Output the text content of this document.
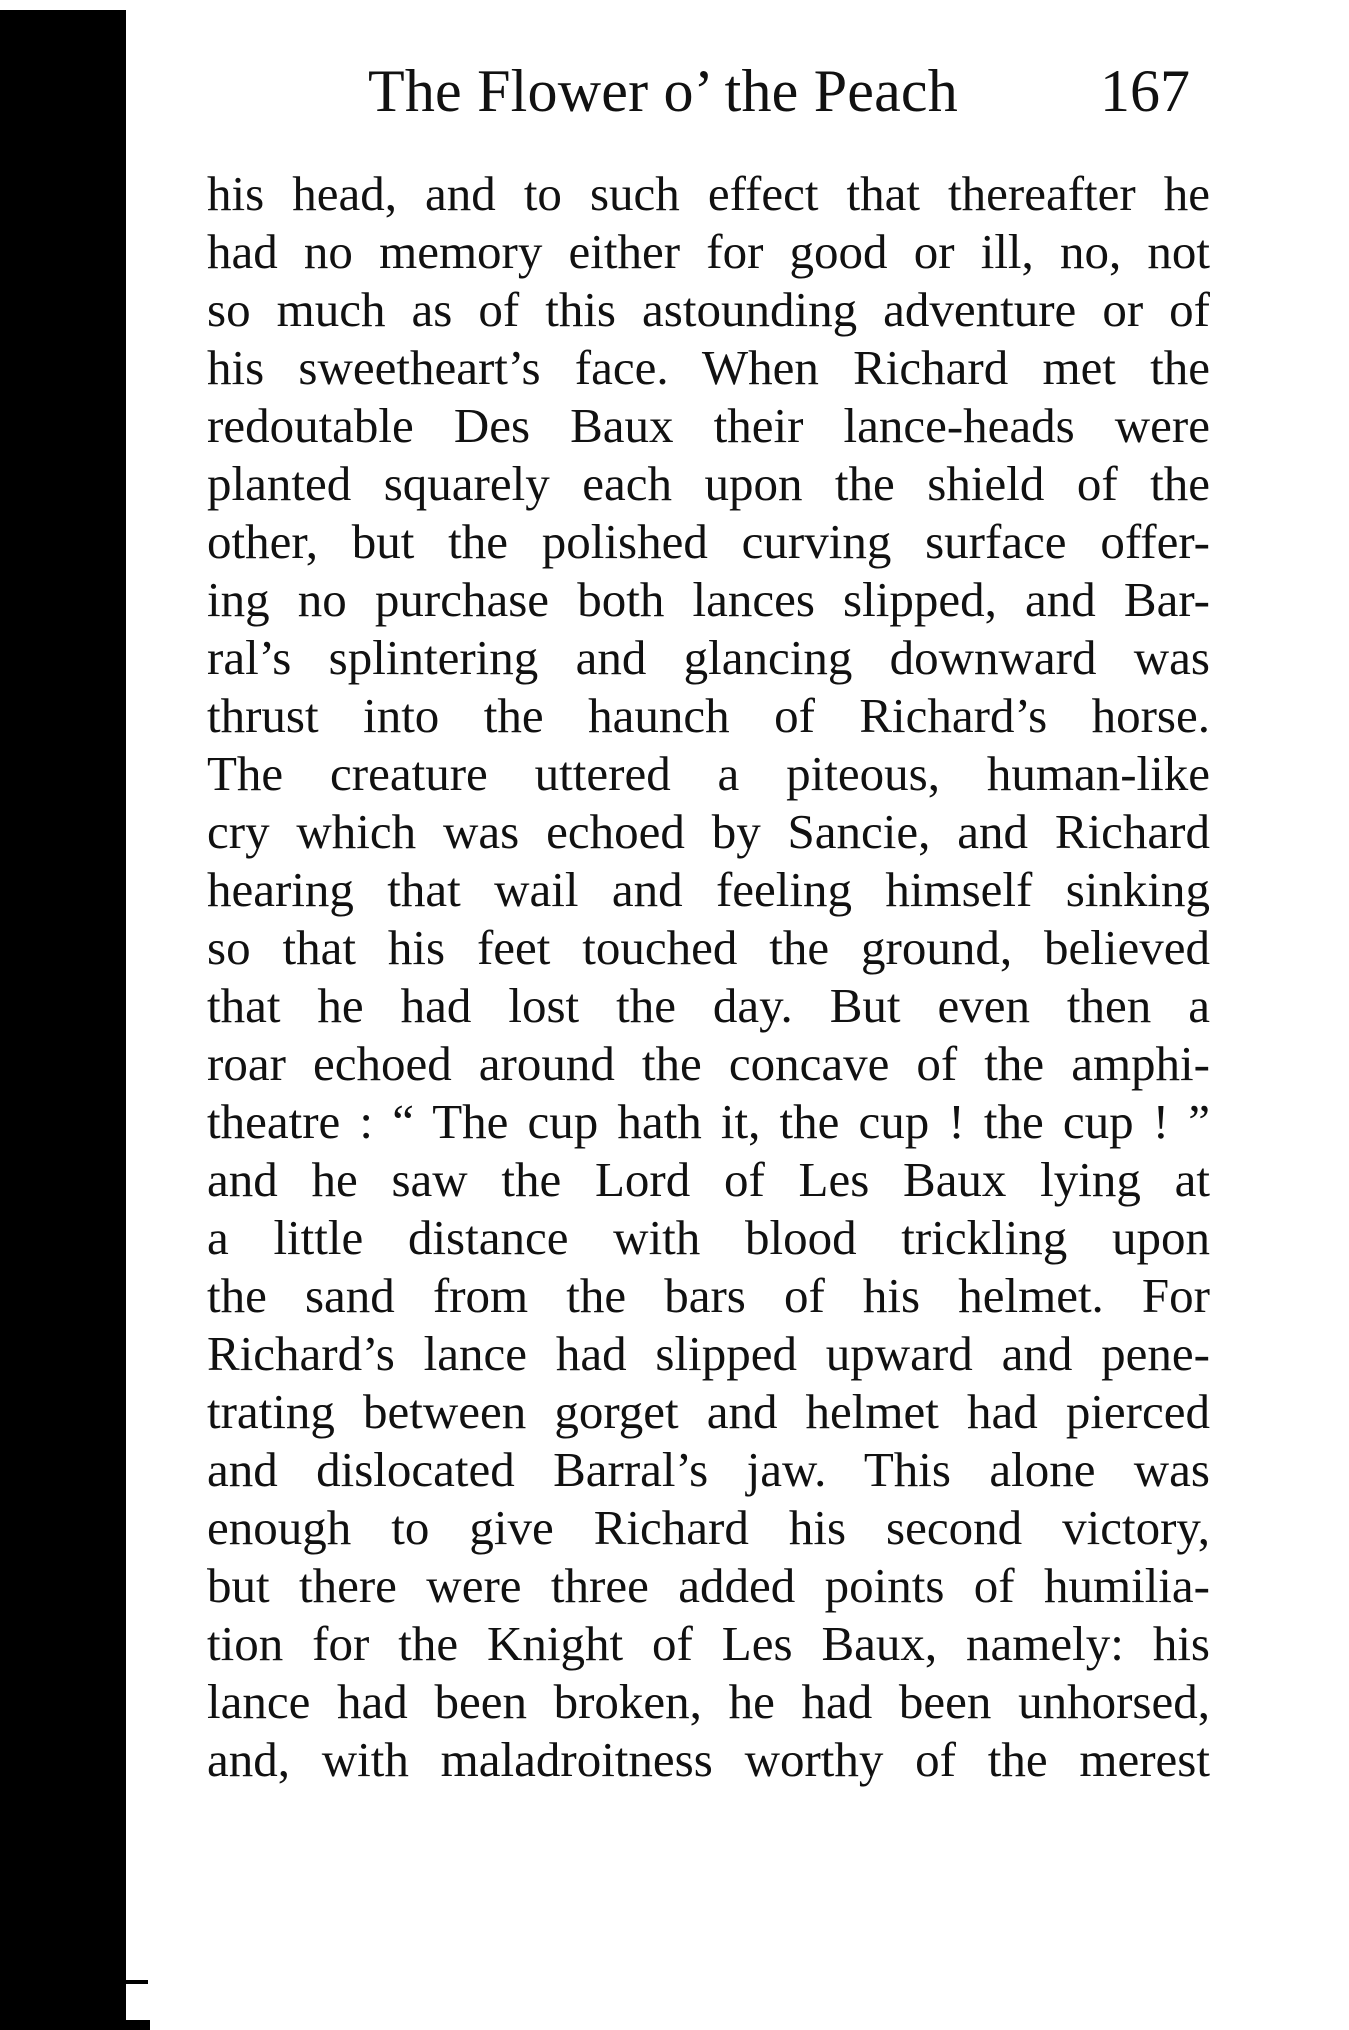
The Flower o’ the Peach 167
his head, and to such effect that thereafter he
had no memory either for good or ill, no, not
so much as of this astounding adventure or of
his sweetheart’s face. When Richard met the
redoutable Des Baux their lance-heads were
planted squarely each upon the shield of the
other, but the polished curving surface offer-
ing no purchase both lances slipped, and Bar-
ral’s splintering and glancing downward was
thrust into the haunch of Richard’s horse.
The creature uttered a piteous, human-like
cry which was echoed by Sancie, and Richard
hearing that wail and feeling himself sinking
so that his feet touched the ground, believed
that he had lost the day. But even then a
roar echoed around the concave of the amphi-
theatre : “ The cup hath it, the cup ! the cup ! ”
and he saw the Lord of Les Baux lying at
a little distance with blood trickling upon
the sand from the bars of his helmet. For
Richard’s lance had slipped upward and pene-
trating between gorget and helmet had pierced
and dislocated Barral’s jaw. This alone was
enough to give Richard his second victory,
but there were three added points of humilia-
tion for the Knight of Les Baux, namely: his
lance had been broken, he had been unhorsed,
and, with maladroitness worthy of the merest
